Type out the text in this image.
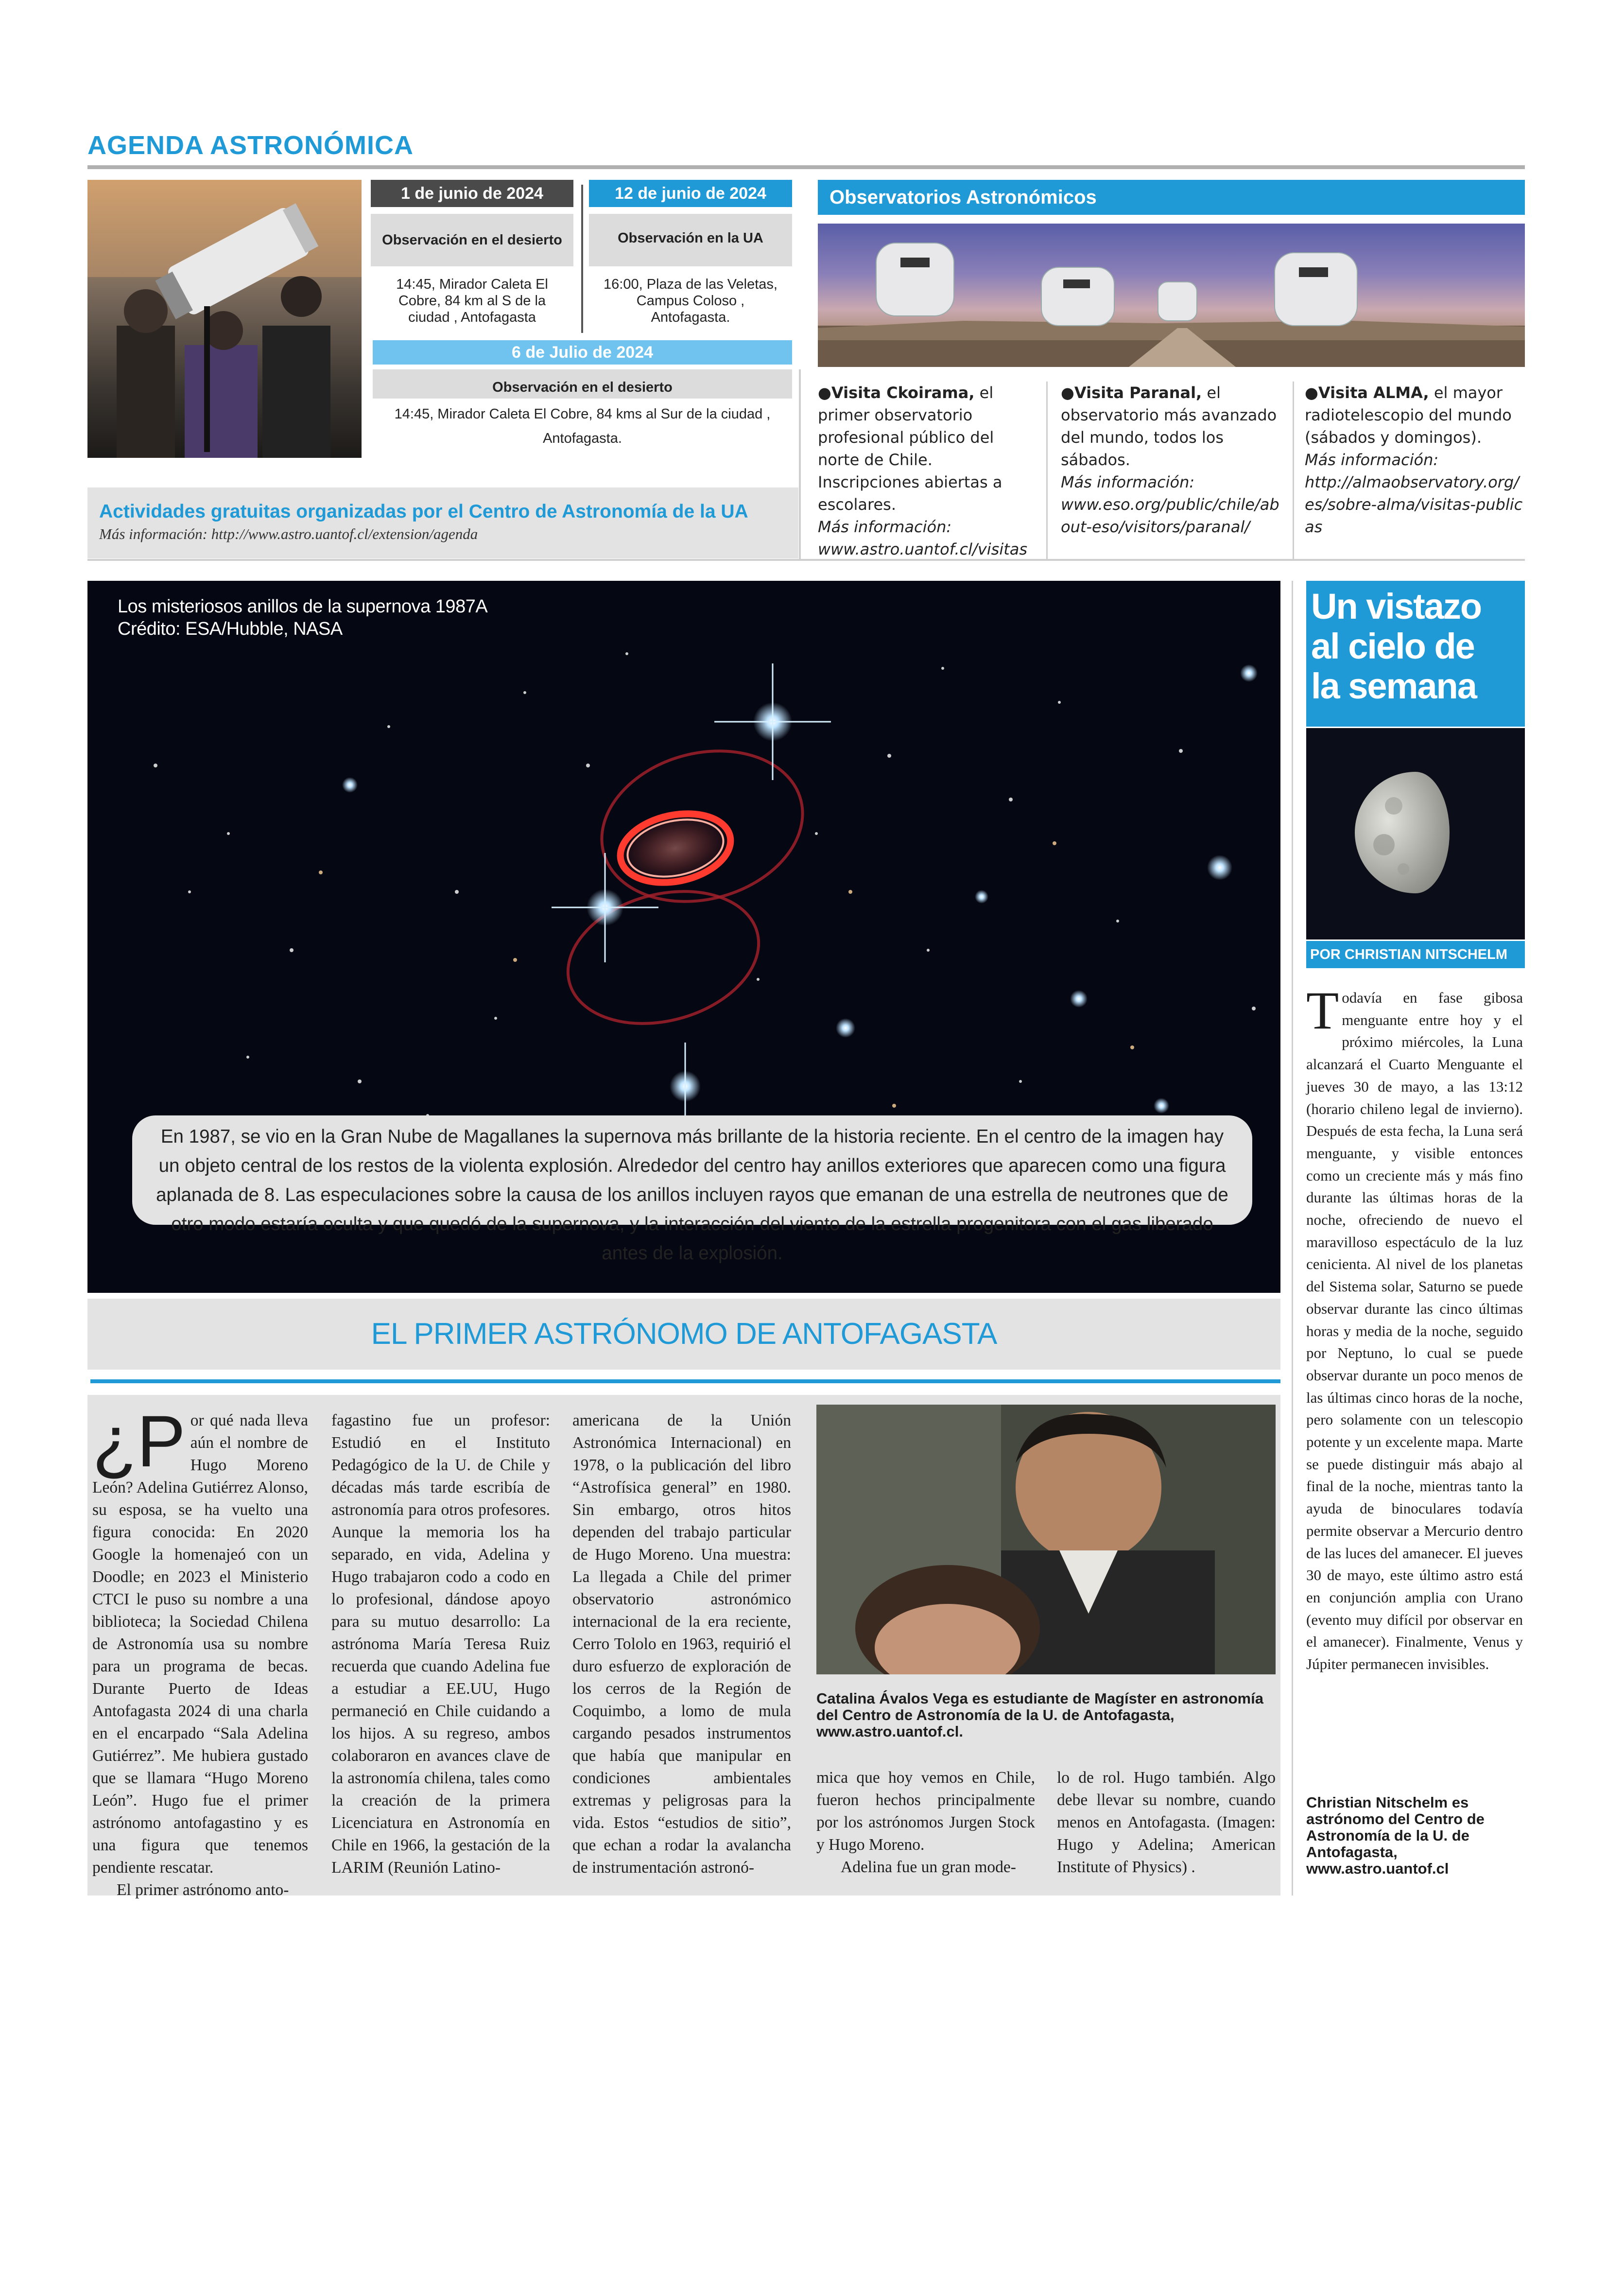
AGENDA ASTRONÓMICA
1 de junio de 2024
Observación en el desierto
14:45, Mirador Caleta El Cobre, 84 km al S de la ciudad , Antofagasta
12 de junio de 2024
Observación en la UA
16:00, Plaza de las Veletas, Campus Coloso , Antofagasta.
6 de Julio de 2024
Observación en el desierto
14:45, Mirador Caleta El Cobre, 84 kms al Sur de la ciudad ,
Antofagasta.
Actividades gratuitas organizadas por el Centro de Astronomía de la UA
Más información: http://www.astro.uantof.cl/extension/agenda
Observatorios Astronómicos
●Visita Ckoirama, el primer observatorio profesional público del norte de Chile. Inscripciones abiertas a escolares.
Más información:
www.astro.uantof.cl/visitas
●Visita Paranal, el observatorio más avanzado del mundo, todos los sábados.
Más información:
www.eso.org/public/chile/about-eso/visitors/paranal/
●Visita ALMA, el mayor radiotelescopio del mundo (sábados y domingos).
Más información:
http://almaobservatory.org/es/sobre-alma/visitas-publicas
Los misteriosos anillos de la supernova 1987A
Crédito: ESA/Hubble, NASA
En 1987, se vio en la Gran Nube de Magallanes la supernova más brillante de la historia reciente. En el centro de la imagen hay un objeto central de los restos de la violenta explosión. Alrededor del centro hay anillos exteriores que aparecen como una figura aplanada de 8. Las especulaciones sobre la causa de los anillos incluyen rayos que emanan de una estrella de neutrones que de otro modo estaría oculta y que quedó de la supernova, y la interacción del viento de la estrella progenitora con el gas liberado antes de la explosión.
EL PRIMER ASTRÓNOMO DE ANTOFAGASTA
¿P or qué nada lleva aún el nombre de Hugo Moreno León? Adelina Gutiérrez Alonso, su esposa, se ha vuelto una figura conocida: En 2020 Google la homenajeó con un Doodle; en 2023 el Ministerio CTCI le puso su nombre a una biblioteca; la Sociedad Chilena de Astronomía usa su nombre para un programa de becas. Durante Puerto de Ideas Antofagasta 2024 di una charla en el encarpado “Sala Adelina Gutiérrez”. Me hubiera gustado que se llamara “Hugo Moreno León”. Hugo fue el primer astrónomo antofagastino y es una figura que tenemos pendiente rescatar.

El primer astrónomo anto-

fagastino fue un profesor: Estudió en el Instituto Pedagógico de la U. de Chile y décadas más tarde escribía de astronomía para otros profesores. Aunque la memoria los ha separado, en vida, Adelina y Hugo trabajaron codo a codo en lo profesional, dándose apoyo para su mutuo desarrollo: La astrónoma María Teresa Ruiz recuerda que cuando Adelina fue a estudiar a EE.UU, Hugo permaneció en Chile cuidando a los hijos. A su regreso, ambos colaboraron en avances clave de la astronomía chilena, tales como la creación de la primera Licenciatura en Astronomía en Chile en 1966, la gestación de la LARIM (Reunión Latino-

americana de la Unión Astronómica Internacional) en 1978, o la publicación del libro “Astrofísica general” en 1980. Sin embargo, otros hitos dependen del trabajo particular de Hugo Moreno. Una muestra: La llegada a Chile del primer observatorio astronómico internacional de la era reciente, Cerro Tololo en 1963, requirió el duro esfuerzo de exploración de los cerros de la Región de Coquimbo, a lomo de mula cargando pesados instrumentos que había que manipular en condiciones ambientales extremas y peligrosas para la vida. Estos “estudios de sitio”, que echan a rodar la avalancha de instrumentación astronó-

Catalina Ávalos Vega es estudiante de Magíster en astronomía del Centro de Astronomía de la U. de Antofagasta, www.astro.uantof.cl.

mica que hoy vemos en Chile, fueron hechos principalmente por los astrónomos Jurgen Stock y Hugo Moreno.

Adelina fue un gran mode-

lo de rol. Hugo también. Algo debe llevar su nombre, cuando menos en Antofagasta. (Imagen: Hugo y Adelina; American Institute of Physics) .

Un vistazo
al cielo de
la semana
POR CHRISTIAN NITSCHELM
T odavía en fase gibosa menguante entre hoy y el próximo miércoles, la Luna alcanzará el Cuarto Menguante el jueves 30 de mayo, a las 13:12 (horario chileno legal de invierno). Después de esta fecha, la Luna será menguante, y visible entonces como un creciente más y más fino durante las últimas horas de la noche, ofreciendo de nuevo el maravilloso espectáculo de la luz cenicienta. Al nivel de los planetas del Sistema solar, Saturno se puede observar durante las cinco últimas horas y media de la noche, seguido por Neptuno, lo cual se puede observar durante un poco menos de las últimas cinco horas de la noche, pero solamente con un telescopio potente y un excelente mapa. Marte se puede distinguir más abajo al final de la noche, mientras tanto la ayuda de binoculares todavía permite observar a Mercurio dentro de las luces del amanecer. El jueves 30 de mayo, este último astro está en conjunción amplia con Urano (evento muy difícil por observar en el amanecer). Finalmente, Venus y Júpiter permanecen invisibles.
Christian Nitschelm es astrónomo del Centro de Astronomía de la U. de Antofagasta, www.astro.uantof.cl
